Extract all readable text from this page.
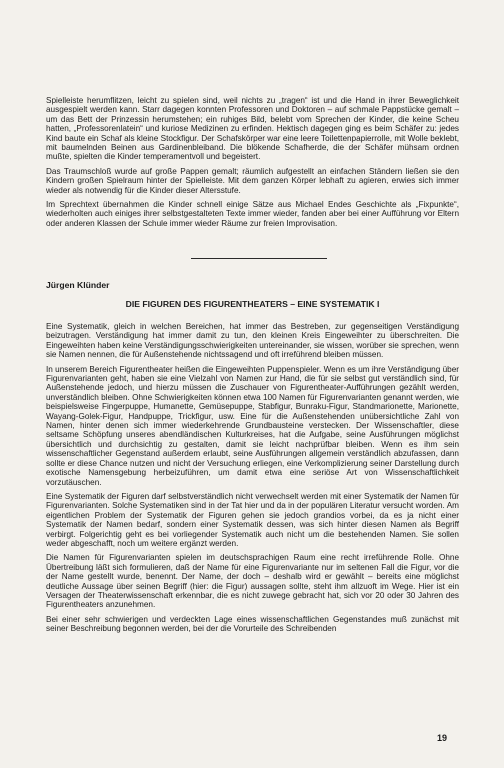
Spielleiste herumflitzen, leicht zu spielen sind, weil nichts zu „tragen“ ist und die Hand in ihrer Beweglichkeit ausgespielt werden kann. Starr dagegen konnten Professoren und Doktoren – auf schmale Pappstücke gemalt – um das Bett der Prinzessin herumstehen; ein ruhiges Bild, belebt vom Sprechen der Kinder, die keine Scheu hatten, „Professorenlatein“ und kuriose Medizinen zu erfinden. Hektisch dagegen ging es beim Schäfer zu: jedes Kind baute ein Schaf als kleine Stockfigur. Der Schafskörper war eine leere Toilettenpapierrolle, mit Wolle beklebt, mit baumelnden Beinen aus Gardinenbleiband. Die blökende Schafherde, die der Schäfer mühsam ordnen mußte, spielten die Kinder temperamentvoll und begeistert.

Das Traumschloß wurde auf große Pappen gemalt; räumlich aufgestellt an einfachen Ständern ließen sie den Kindern großen Spielraum hinter der Spielleiste. Mit dem ganzen Körper lebhaft zu agieren, erwies sich immer wieder als notwendig für die Kinder dieser Altersstufe.

Im Sprechtext übernahmen die Kinder schnell einige Sätze aus Michael Endes Geschichte als „Fixpunkte“, wiederholten auch einiges ihrer selbstgestalteten Texte immer wieder, fanden aber bei einer Aufführung vor Eltern oder anderen Klassen der Schule immer wieder Räume zur freien Improvisation.

Jürgen Klünder

DIE FIGUREN DES FIGURENTHEATERS – EINE SYSTEMATIK I

Eine Systematik, gleich in welchen Bereichen, hat immer das Bestreben, zur gegenseitigen Verständigung beizutragen. Verständigung hat immer damit zu tun, den kleinen Kreis Eingeweihter zu überschreiten. Die Eingeweihten haben keine Verständigungsschwierigkeiten untereinander, sie wissen, worüber sie sprechen, wenn sie Namen nennen, die für Außenstehende nichtssagend und oft irreführend bleiben müssen.

In unserem Bereich Figurentheater heißen die Eingeweihten Puppenspieler. Wenn es um ihre Verständigung über Figurenvarianten geht, haben sie eine Vielzahl von Namen zur Hand, die für sie selbst gut verständlich sind, für Außenstehende jedoch, und hierzu müssen die Zuschauer von Figurentheater-Aufführungen gezählt werden, unverständlich bleiben. Ohne Schwierigkeiten können etwa 100 Namen für Figurenvarianten genannt werden, wie beispielsweise Fingerpuppe, Humanette, Gemüsepuppe, Stabfigur, Bunraku-Figur, Standmarionette, Marionette, Wayang-Golek-Figur, Handpuppe, Trickfigur, usw. Eine für die Außenstehenden unübersichtliche Zahl von Namen, hinter denen sich immer wiederkehrende Grundbausteine verstecken. Der Wissenschaftler, diese seltsame Schöpfung unseres abendländischen Kulturkreises, hat die Aufgabe, seine Ausführungen möglichst übersichtlich und durchsichtig zu gestalten, damit sie leicht nachprüfbar bleiben. Wenn es ihm sein wissenschaftlicher Gegenstand außerdem erlaubt, seine Ausführungen allgemein verständlich abzufassen, dann sollte er diese Chance nutzen und nicht der Versuchung erliegen, eine Verkomplizierung seiner Darstellung durch exotische Namensgebung herbeizuführen, um damit etwa eine seriöse Art von Wissenschaftlichkeit vorzutäuschen.

Eine Systematik der Figuren darf selbstverständlich nicht verwechselt werden mit einer Systematik der Namen für Figurenvarianten. Solche Systematiken sind in der Tat hier und da in der populären Literatur versucht worden. Am eigentlichen Problem der Systematik der Figuren gehen sie jedoch grandios vorbei, da es ja nicht einer Systematik der Namen bedarf, sondern einer Systematik dessen, was sich hinter diesen Namen als Begriff verbirgt. Folgerichtig geht es bei vorliegender Systematik auch nicht um die bestehenden Namen. Sie sollen weder abgeschafft, noch um weitere ergänzt werden.

Die Namen für Figurenvarianten spielen im deutschsprachigen Raum eine recht irreführende Rolle. Ohne Übertreibung läßt sich formulieren, daß der Name für eine Figurenvariante nur im seltenen Fall die Figur, vor die der Name gestellt wurde, benennt. Der Name, der doch – deshalb wird er gewählt – bereits eine möglichst deutliche Aussage über seinen Begriff (hier: die Figur) aussagen sollte, steht ihm allzuoft im Wege. Hier ist ein Versagen der Theaterwissenschaft erkennbar, die es nicht zuwege gebracht hat, sich vor 20 oder 30 Jahren des Figurentheaters anzunehmen.

Bei einer sehr schwierigen und verdeckten Lage eines wissenschaftlichen Gegenstandes muß zunächst mit seiner Beschreibung begonnen werden, bei der die Vorurteile des Schreibenden

19
